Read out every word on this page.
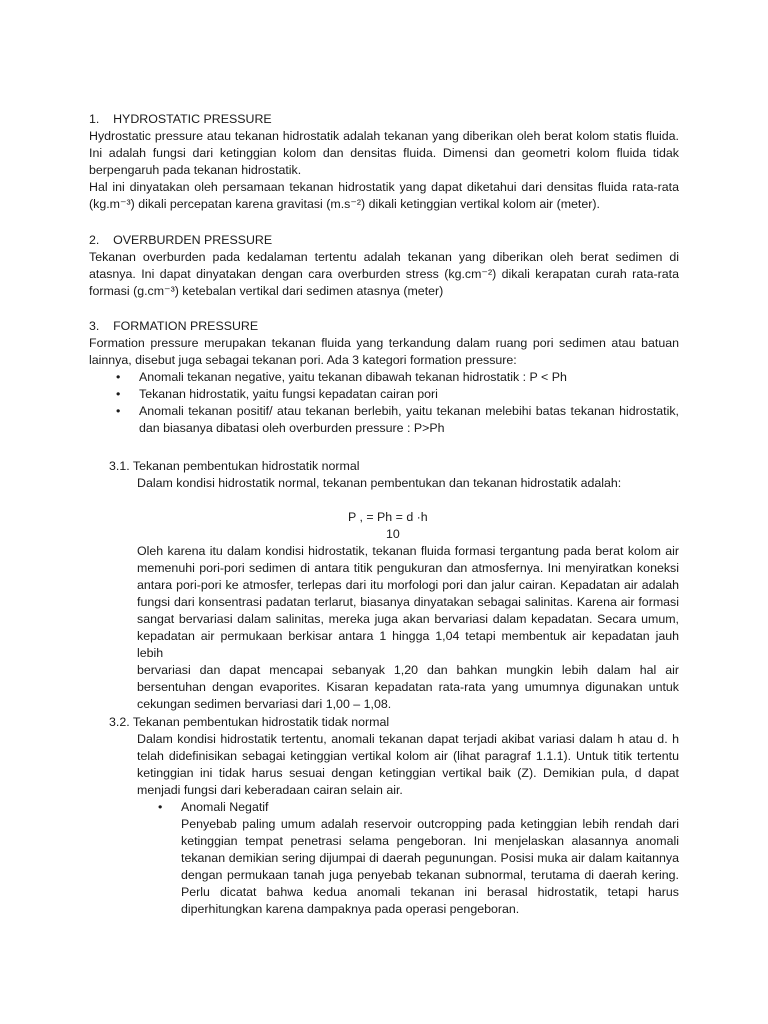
1.    HYDROSTATIC PRESSURE

Hydrostatic pressure atau tekanan hidrostatik adalah tekanan yang diberikan oleh berat kolom statis fluida.

Ini adalah fungsi dari ketinggian kolom dan densitas fluida. Dimensi dan geometri kolom fluida tidak

berpengaruh pada tekanan hidrostatik.

Hal ini dinyatakan oleh persamaan tekanan hidrostatik yang dapat diketahui dari densitas fluida rata-rata

(kg.m⁻³) dikali percepatan karena gravitasi (m.s⁻²) dikali ketinggian vertikal kolom air (meter).

2.    OVERBURDEN PRESSURE

Tekanan overburden pada kedalaman tertentu adalah tekanan yang diberikan oleh berat sedimen di

atasnya. Ini dapat dinyatakan dengan cara overburden stress (kg.cm⁻²) dikali kerapatan curah rata-rata

formasi (g.cm⁻³) ketebalan vertikal dari sedimen atasnya (meter)

3.    FORMATION PRESSURE

Formation pressure merupakan tekanan fluida yang terkandung dalam ruang pori sedimen atau batuan

lainnya, disebut juga sebagai tekanan pori. Ada 3 kategori formation pressure:

• Anomali tekanan negative, yaitu tekanan dibawah tekanan hidrostatik : P < Ph
• Tekanan hidrostatik, yaitu fungsi kepadatan cairan pori
• Anomali tekanan positif/ atau tekanan berlebih, yaitu tekanan melebihi batas tekanan hidrostatik,
dan biasanya dibatasi oleh overburden pressure : P>Ph

3.1. Tekanan pembentukan hidrostatik normal

Dalam kondisi hidrostatik normal, tekanan pembentukan dan tekanan hidrostatik adalah:

P , = Ph = d ·h

10

Oleh karena itu dalam kondisi hidrostatik, tekanan fluida formasi tergantung pada berat kolom air

memenuhi pori-pori sedimen di antara titik pengukuran dan atmosfernya. Ini menyiratkan koneksi

antara pori-pori ke atmosfer, terlepas dari itu morfologi pori dan jalur cairan. Kepadatan air adalah

fungsi dari konsentrasi padatan terlarut, biasanya dinyatakan sebagai salinitas. Karena air formasi

sangat bervariasi dalam salinitas, mereka juga akan bervariasi dalam kepadatan. Secara umum,

kepadatan air permukaan berkisar antara 1 hingga 1,04 tetapi membentuk air kepadatan jauh lebih

bervariasi dan dapat mencapai sebanyak 1,20 dan bahkan mungkin lebih dalam hal air

bersentuhan dengan evaporites. Kisaran kepadatan rata-rata yang umumnya digunakan untuk

cekungan sedimen bervariasi dari 1,00 – 1,08.

3.2. Tekanan pembentukan hidrostatik tidak normal

Dalam kondisi hidrostatik tertentu, anomali tekanan dapat terjadi akibat variasi dalam h atau d. h

telah didefinisikan sebagai ketinggian vertikal kolom air (lihat paragraf 1.1.1). Untuk titik tertentu

ketinggian ini tidak harus sesuai dengan ketinggian vertikal baik (Z). Demikian pula, d dapat

menjadi fungsi dari keberadaan cairan selain air.

• Anomali Negatif

Penyebab paling umum adalah reservoir outcropping pada ketinggian lebih rendah dari

ketinggian tempat penetrasi selama pengeboran. Ini menjelaskan alasannya anomali

tekanan demikian sering dijumpai di daerah pegunungan. Posisi muka air dalam kaitannya

dengan permukaan tanah juga penyebab tekanan subnormal, terutama di daerah kering.

Perlu dicatat bahwa kedua anomali tekanan ini berasal hidrostatik, tetapi harus

diperhitungkan karena dampaknya pada operasi pengeboran.
